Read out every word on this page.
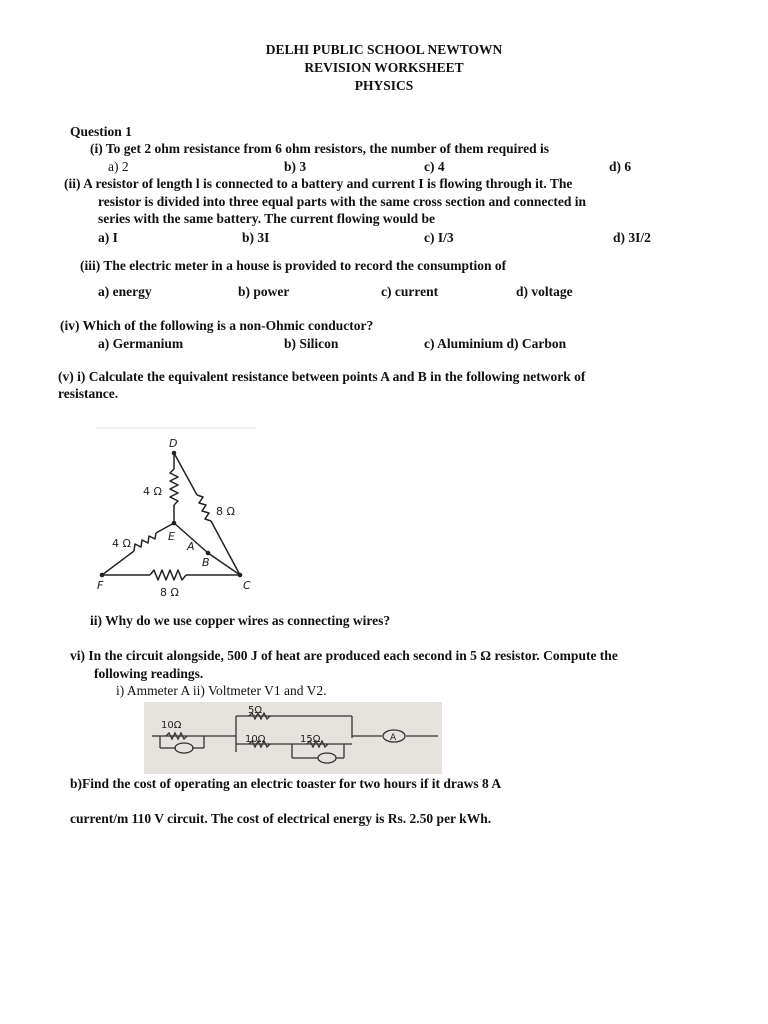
DELHI PUBLIC SCHOOL NEWTOWN
REVISION WORKSHEET
PHYSICS
Question 1
(i) To get 2 ohm resistance from 6 ohm resistors, the number of them required is
a) 2	b) 3	c) 4	d) 6
(ii) A resistor of length l is connected to a battery and current I is flowing through it. The
resistor is divided into three equal parts with the same cross section and connected in
series with the same battery. The current flowing would be
a) I	b) 3I	c) I/3	d) 3I/2
(iii) The electric meter in a house is provided to record the consumption of
a) energy	b) power	c) current	d) voltage
(iv) Which of the following is a non-Ohmic conductor?
a) Germanium	b) Silicon	c) Aluminium d) Carbon
(v) i) Calculate the equivalent resistance between points A and B in the following network of
resistance.
D
E
A
B
F	C
4 Ω
8 Ω
4 Ω
8 Ω
ii) Why do we use copper wires as connecting wires?
vi) In the circuit alongside, 500 J of heat are produced each second in 5 Ω resistor. Compute the
following readings.
i) Ammeter A ii) Voltmeter V1 and V2.
5Ω
10Ω
10Ω	15Ω	A
b)Find the cost of operating an electric toaster for two hours if it draws 8 A
current/m 110 V circuit. The cost of electrical energy is Rs. 2.50 per kWh.
